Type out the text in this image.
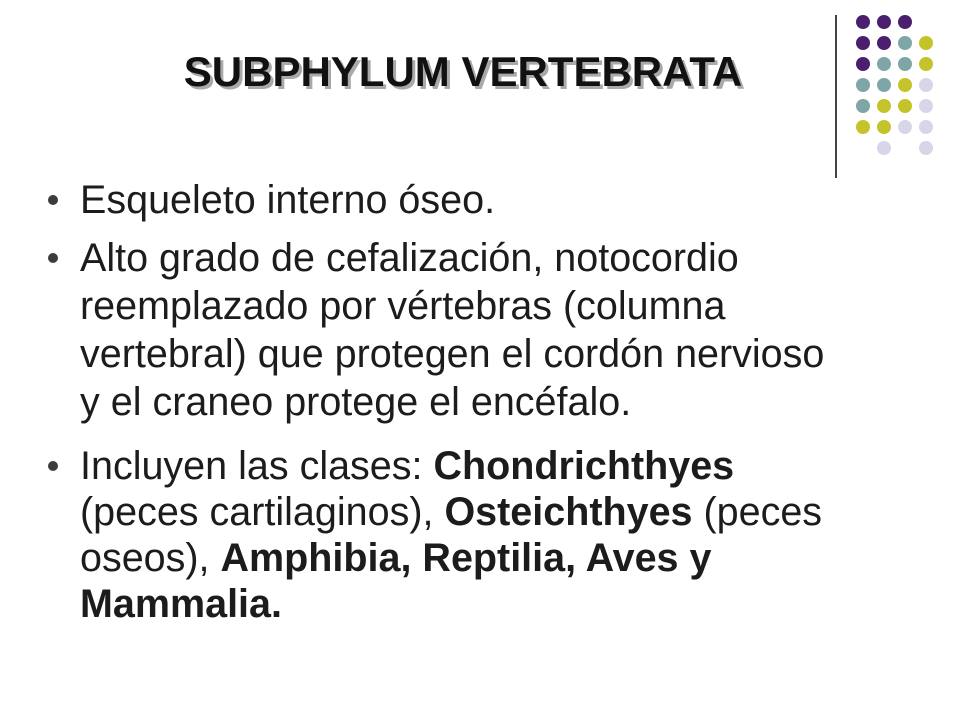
SUBPHYLUM VERTEBRATA
Esqueleto interno óseo.
Alto grado de cefalización, notocordio
reemplazado por vértebras (columna
vertebral) que protegen el cordón nervioso
y el craneo protege el encéfalo.
Incluyen las clases: Chondrichthyes
(peces cartilaginos), Osteichthyes (peces
oseos), Amphibia, Reptilia, Aves y
Mammalia.
